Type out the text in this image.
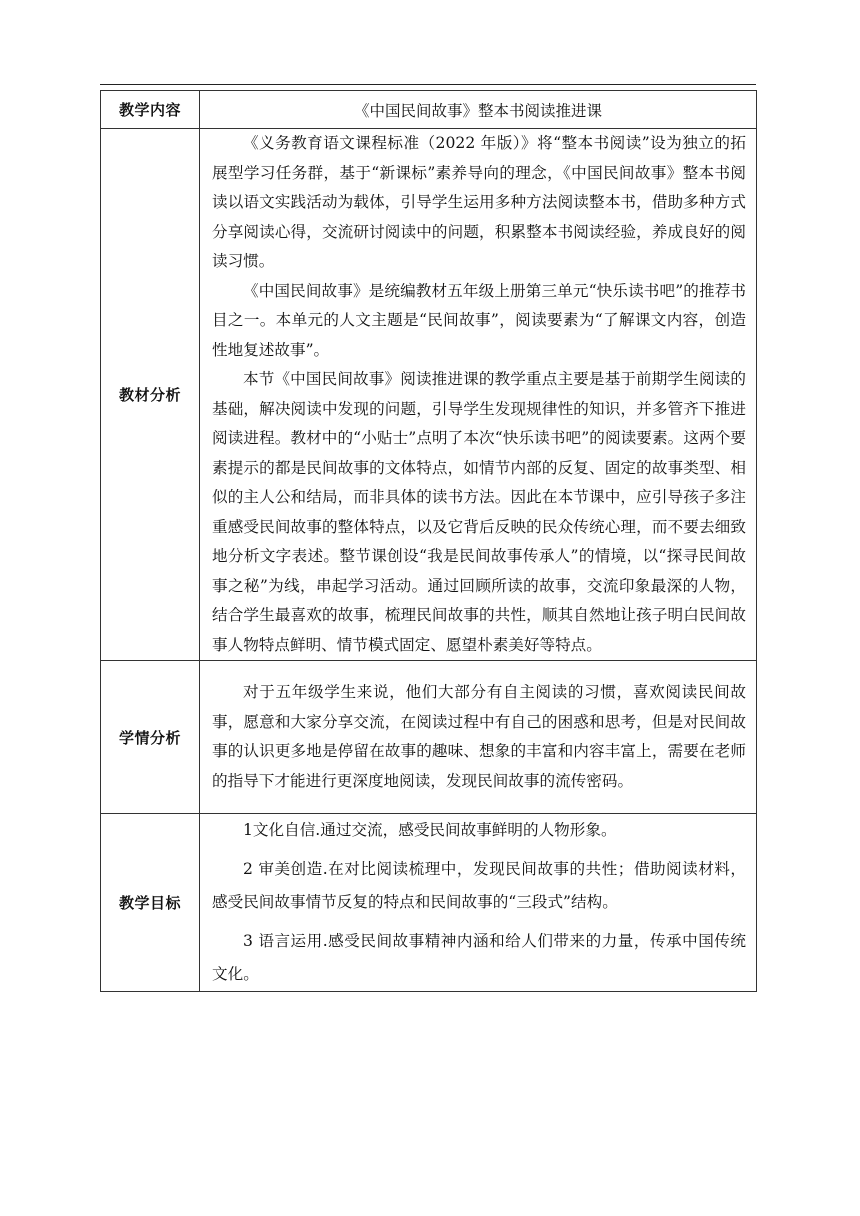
教学内容	《中国民间故事》整本书阅读推进课
教材分析	《义务教育语文课程标准（2022 年版）》将“整本书阅读”设为独立的拓展型学习任务群，基于“新课标”素养导向的理念，《中国民间故事》整本书阅读以语文实践活动为载体，引导学生运用多种方法阅读整本书，借助多种方式分享阅读心得，交流研讨阅读中的问题，积累整本书阅读经验，养成良好的阅读习惯。

《中国民间故事》是统编教材五年级上册第三单元“快乐读书吧”的推荐书目之一。本单元的人文主题是“民间故事”，阅读要素为“了解课文内容，创造性地复述故事”。

本节《中国民间故事》阅读推进课的教学重点主要是基于前期学生阅读的基础，解决阅读中发现的问题，引导学生发现规律性的知识，并多管齐下推进阅读进程。教材中的“小贴士”点明了本次“快乐读书吧”的阅读要素。这两个要素提示的都是民间故事的文体特点，如情节内部的反复、固定的故事类型、相似的主人公和结局，而非具体的读书方法。因此在本节课中，应引导孩子多注重感受民间故事的整体特点，以及它背后反映的民众传统心理，而不要去细致地分析文字表述。整节课创设“我是民间故事传承人”的情境，以“探寻民间故事之秘”为线，串起学习活动。通过回顾所读的故事，交流印象最深的人物，结合学生最喜欢的故事，梳理民间故事的共性，顺其自然地让孩子明白民间故事人物特点鲜明、情节模式固定、愿望朴素美好等特点。

学情分析	对于五年级学生来说，他们大部分有自主阅读的习惯，喜欢阅读民间故事，愿意和大家分享交流，在阅读过程中有自己的困惑和思考，但是对民间故事的认识更多地是停留在故事的趣味、想象的丰富和内容丰富上，需要在老师的指导下才能进行更深度地阅读，发现民间故事的流传密码。

教学目标	1文化自信.通过交流，感受民间故事鲜明的人物形象。

2 审美创造.在对比阅读梳理中，发现民间故事的共性；借助阅读材料，感受民间故事情节反复的特点和民间故事的“三段式”结构。

3 语言运用.感受民间故事精神内涵和给人们带来的力量，传承中国传统文化。
